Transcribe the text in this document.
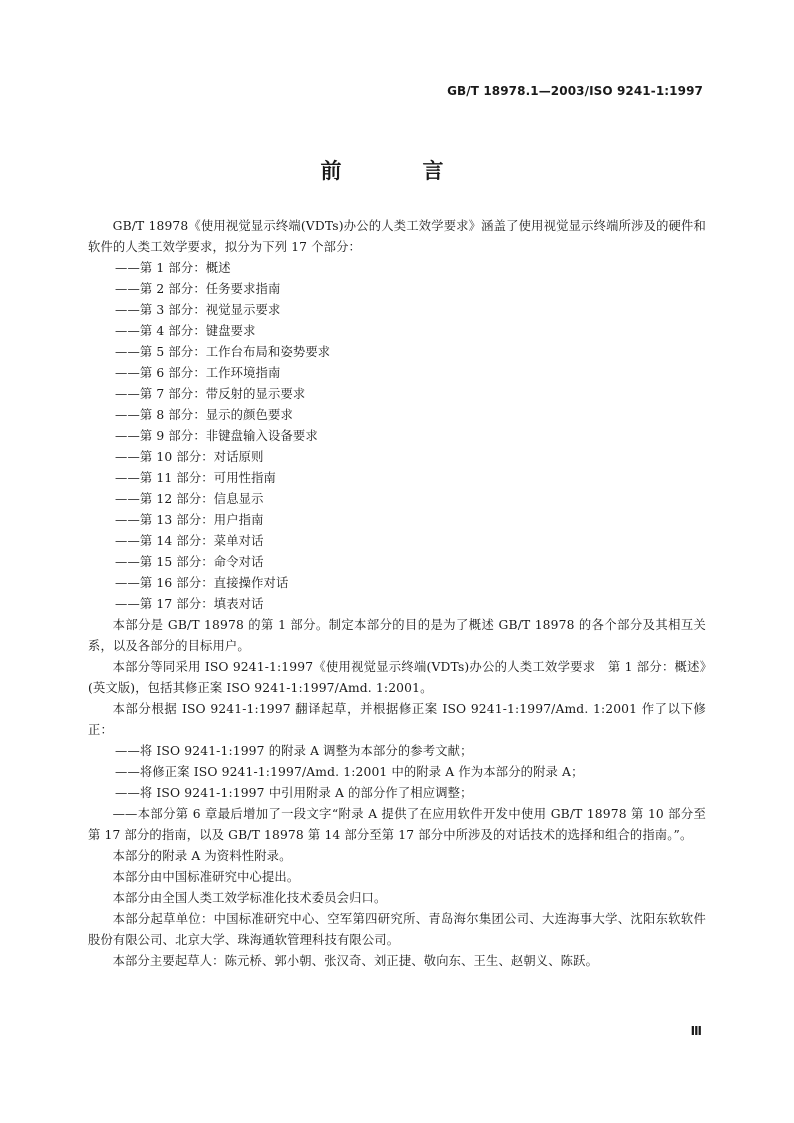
GB/T 18978.1—2003/ISO 9241-1:1997
前　言

GB/T 18978《使用视觉显示终端(VDTs)办公的人类工效学要求》涵盖了使用视觉显示终端所涉及的硬件和软件的人类工效学要求，拟分为下列 17 个部分：

——第 1 部分：概述

——第 2 部分：任务要求指南

——第 3 部分：视觉显示要求

——第 4 部分：键盘要求

——第 5 部分：工作台布局和姿势要求

——第 6 部分：工作环境指南

——第 7 部分：带反射的显示要求

——第 8 部分：显示的颜色要求

——第 9 部分：非键盘输入设备要求

——第 10 部分：对话原则

——第 11 部分：可用性指南

——第 12 部分：信息显示

——第 13 部分：用户指南

——第 14 部分：菜单对话

——第 15 部分：命令对话

——第 16 部分：直接操作对话

——第 17 部分：填表对话

本部分是 GB/T 18978 的第 1 部分。制定本部分的目的是为了概述 GB/T 18978 的各个部分及其相互关系，以及各部分的目标用户。

本部分等同采用 ISO 9241-1:1997《使用视觉显示终端(VDTs)办公的人类工效学要求　第 1 部分：概述》(英文版)，包括其修正案 ISO 9241-1:1997/Amd. 1:2001。

本部分根据 ISO 9241-1:1997 翻译起草，并根据修正案 ISO 9241-1:1997/Amd. 1:2001 作了以下修正：

——将 ISO 9241-1:1997 的附录 A 调整为本部分的参考文献；

——将修正案 ISO 9241-1:1997/Amd. 1:2001 中的附录 A 作为本部分的附录 A；

——将 ISO 9241-1:1997 中引用附录 A 的部分作了相应调整；

——本部分第 6 章最后增加了一段文字“附录 A 提供了在应用软件开发中使用 GB/T 18978 第 10 部分至第 17 部分的指南，以及 GB/T 18978 第 14 部分至第 17 部分中所涉及的对话技术的选择和组合的指南。”。

本部分的附录 A 为资料性附录。

本部分由中国标准研究中心提出。

本部分由全国人类工效学标准化技术委员会归口。

本部分起草单位：中国标准研究中心、空军第四研究所、青岛海尔集团公司、大连海事大学、沈阳东软软件股份有限公司、北京大学、珠海通软管理科技有限公司。

本部分主要起草人：陈元桥、郭小朝、张汉奇、刘正捷、敬向东、王生、赵朝义、陈跃。

Ⅲ
